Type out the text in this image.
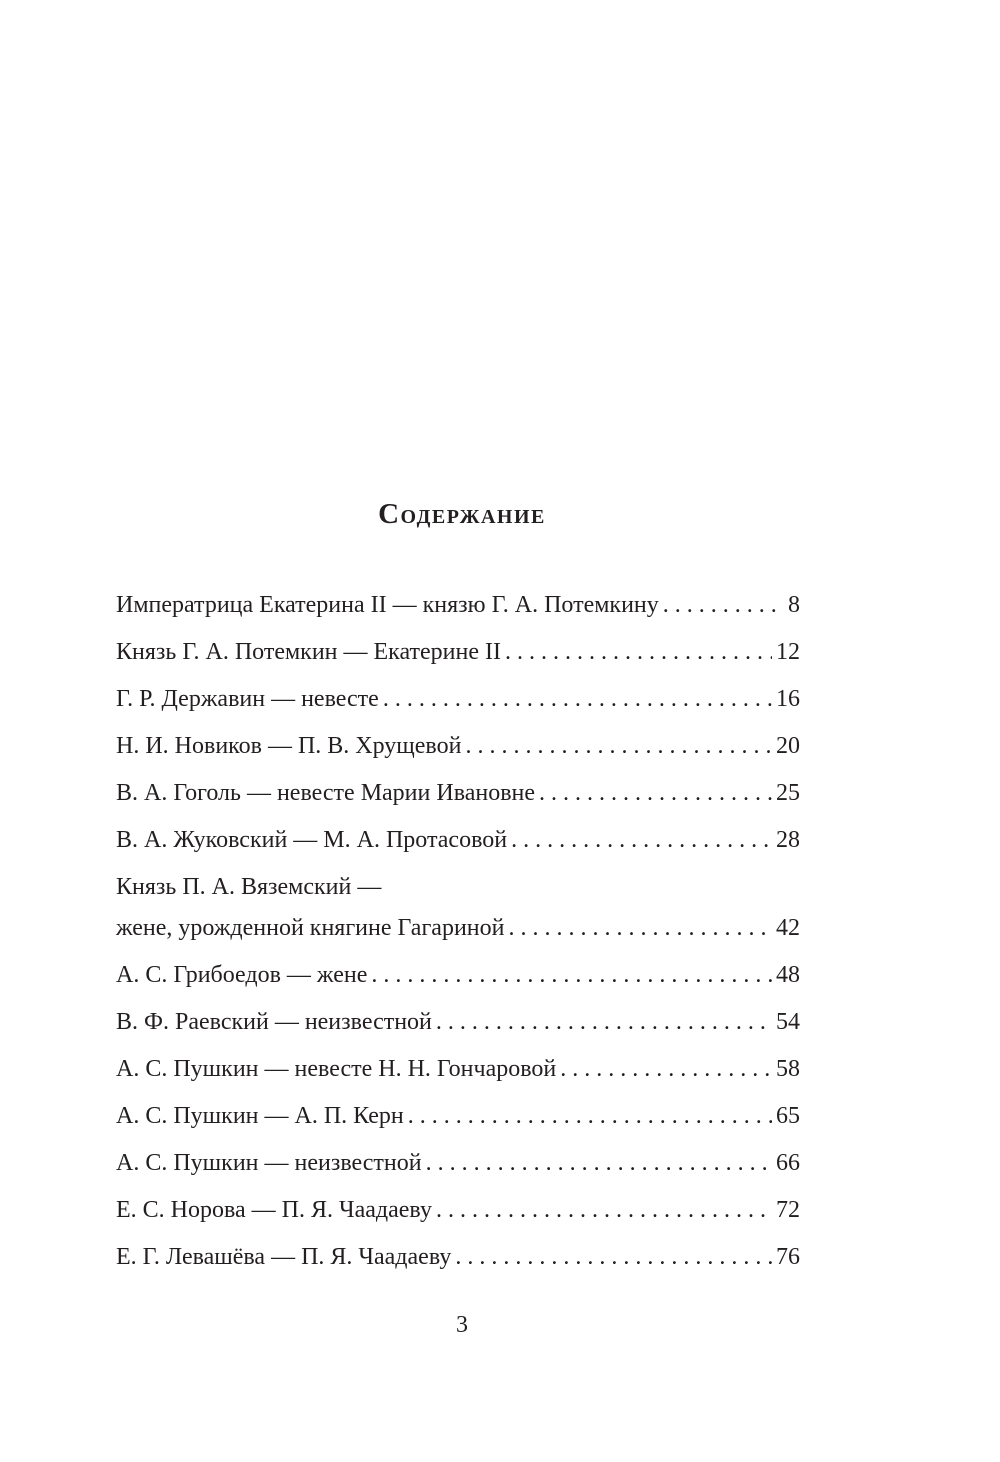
Содержание
Императрица Екатерина II — князю Г. А. Потемкину . . .	8
Князь Г. А. Потемкин — Екатерине II . . .	12
Г. Р. Державин — невесте . . .	16
Н. И. Новиков — П. В. Хрущевой . . .	20
В. А. Гоголь — невесте Марии Ивановне . . .	25
В. А. Жуковский — М. А. Протасовой . . .	28
Князь П. А. Вяземский —
жене, урожденной княгине Гагариной . . .	42
А. С. Грибоедов — жене . . .	48
В. Ф. Раевский — неизвестной . . .	54
А. С. Пушкин — невесте Н. Н. Гончаровой . . .	58
А. С. Пушкин — А. П. Керн . . .	65
А. С. Пушкин — неизвестной . . .	66
Е. С. Норова — П. Я. Чаадаеву . . .	72
Е. Г. Левашёва — П. Я. Чаадаеву . . .	76
3
